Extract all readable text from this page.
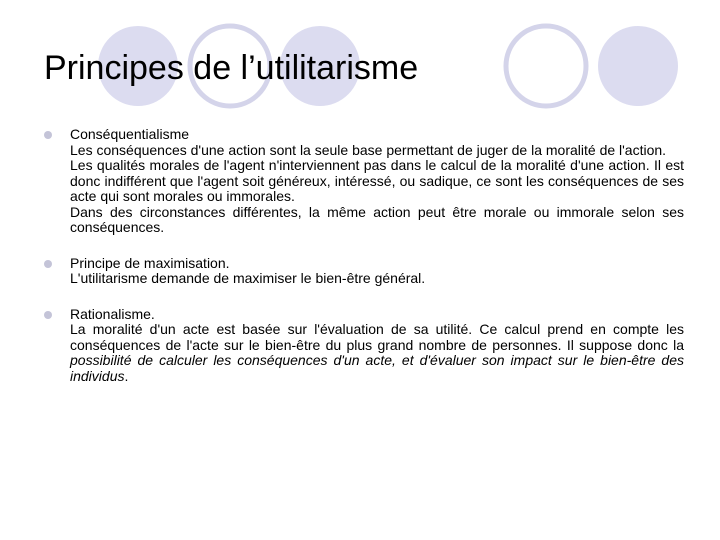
Principes de l’utilitarisme
Conséquentialisme
Les conséquences d'une action sont la seule base permettant de juger de la moralité de l'action.
Les qualités morales de l'agent n'interviennent pas dans le calcul de la moralité d'une action. Il est donc indifférent que l'agent soit généreux, intéressé, ou sadique, ce sont les conséquences de ses acte qui sont morales ou immorales.
Dans des circonstances différentes, la même action peut être morale ou immorale selon ses conséquences.
Principe de maximisation.
L'utilitarisme demande de maximiser le bien-être général.
Rationalisme.
La moralité d'un acte est basée sur l'évaluation de sa utilité. Ce calcul prend en compte les conséquences de l'acte sur le bien-être du plus grand nombre de personnes. Il suppose donc la possibilité de calculer les conséquences d'un acte, et d'évaluer son impact sur le bien-être des individus.
